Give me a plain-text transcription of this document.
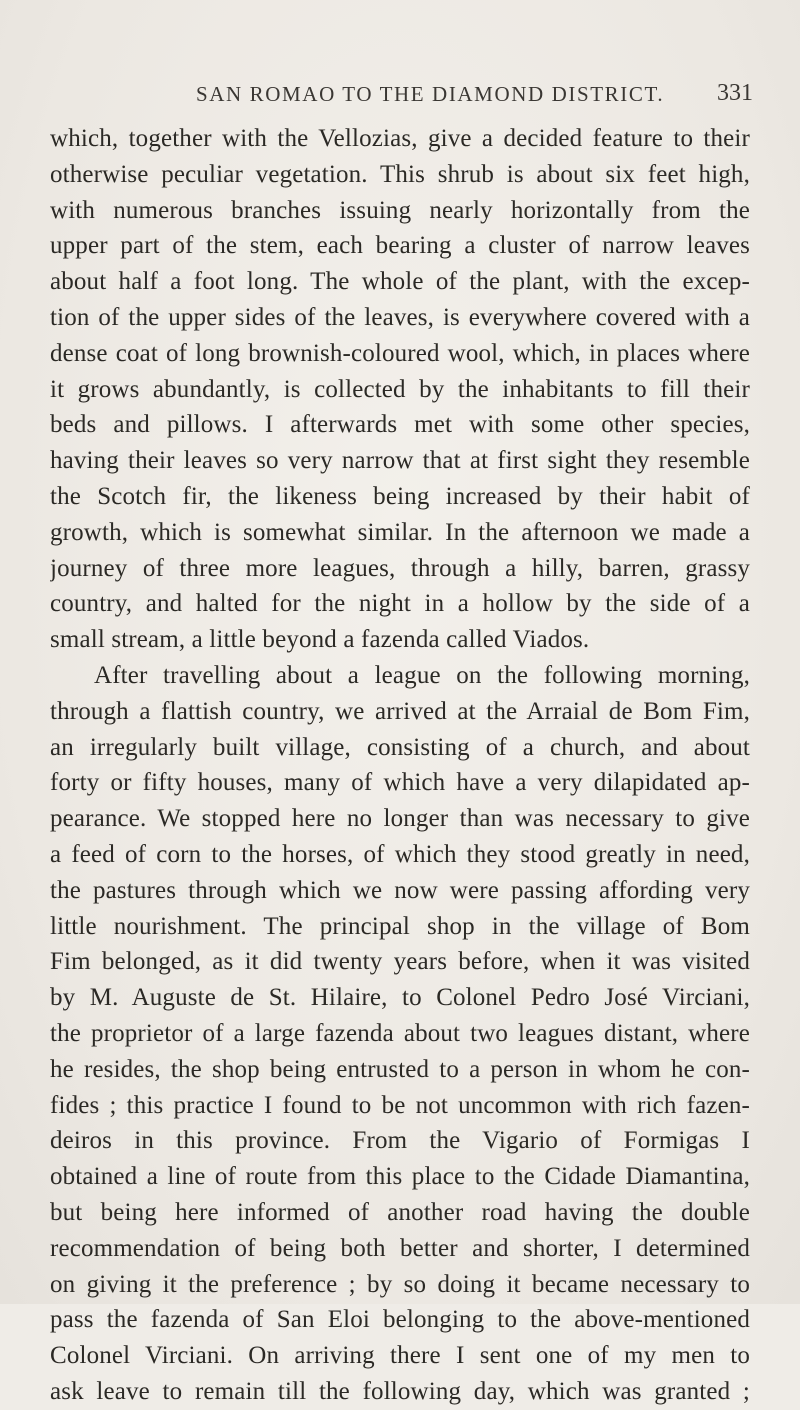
SAN ROMAO TO THE DIAMOND DISTRICT. 331
which, together with the Vellozias, give a decided feature to their
otherwise peculiar vegetation. This shrub is about six feet high,
with numerous branches issuing nearly horizontally from the
upper part of the stem, each bearing a cluster of narrow leaves
about half a foot long. The whole of the plant, with the excep-
tion of the upper sides of the leaves, is everywhere covered with a
dense coat of long brownish-coloured wool, which, in places where
it grows abundantly, is collected by the inhabitants to fill their
beds and pillows. I afterwards met with some other species,
having their leaves so very narrow that at first sight they resemble
the Scotch fir, the likeness being increased by their habit of
growth, which is somewhat similar. In the afternoon we made a
journey of three more leagues, through a hilly, barren, grassy
country, and halted for the night in a hollow by the side of a
small stream, a little beyond a fazenda called Viados.
After travelling about a league on the following morning,
through a flattish country, we arrived at the Arraial de Bom Fim,
an irregularly built village, consisting of a church, and about
forty or fifty houses, many of which have a very dilapidated ap-
pearance. We stopped here no longer than was necessary to give
a feed of corn to the horses, of which they stood greatly in need,
the pastures through which we now were passing affording very
little nourishment. The principal shop in the village of Bom
Fim belonged, as it did twenty years before, when it was visited
by M. Auguste de St. Hilaire, to Colonel Pedro José Virciani,
the proprietor of a large fazenda about two leagues distant, where
he resides, the shop being entrusted to a person in whom he con-
fides ; this practice I found to be not uncommon with rich fazen-
deiros in this province. From the Vigario of Formigas I
obtained a line of route from this place to the Cidade Diamantina,
but being here informed of another road having the double
recommendation of being both better and shorter, I determined
on giving it the preference ; by so doing it became necessary to
pass the fazenda of San Eloi belonging to the above-mentioned
Colonel Virciani. On arriving there I sent one of my men to
ask leave to remain till the following day, which was granted ;
